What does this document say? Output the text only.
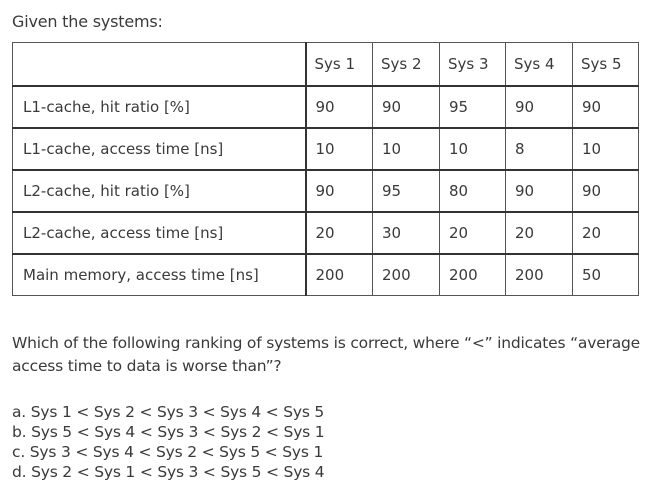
Given the systems:
	Sys 1	Sys 2	Sys 3	Sys 4	Sys 5
L1-cache, hit ratio [%]	90	90	95	90	90
L1-cache, access time [ns]	10	10	10	8	10
L2-cache, hit ratio [%]	90	95	80	90	90
L2-cache, access time [ns]	20	30	20	20	20
Main memory, access time [ns]	200	200	200	200	50
Which of the following ranking of systems is correct, where “<” indicates “average access time to data is worse than”?
a. Sys 1 < Sys 2 < Sys 3 < Sys 4 < Sys 5
b. Sys 5 < Sys 4 < Sys 3 < Sys 2 < Sys 1
c. Sys 3 < Sys 4 < Sys 2 < Sys 5 < Sys 1
d. Sys 2 < Sys 1 < Sys 3 < Sys 5 < Sys 4
